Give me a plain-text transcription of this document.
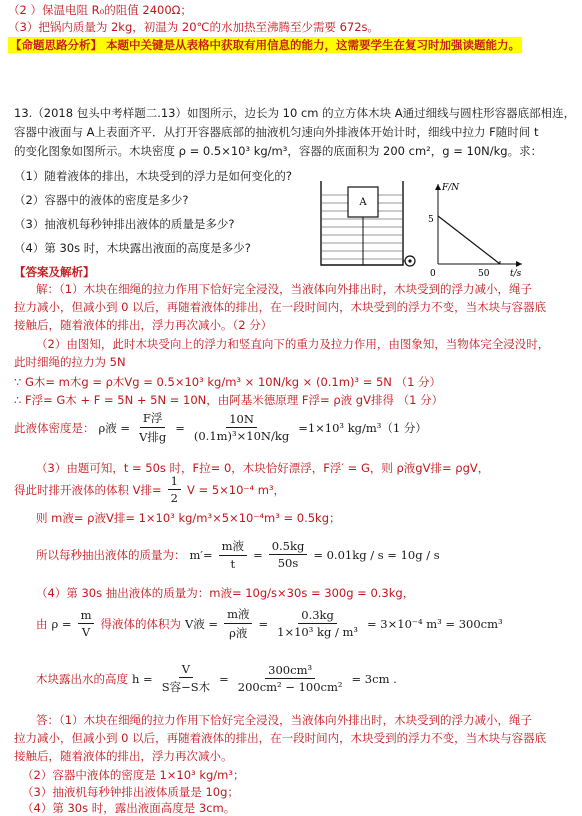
（2 ）保温电阻 R₀的阻值 2400Ω；
（3）把锅内质量为 2kg，初温为 20℃的水加热至沸腾至少需要 672s。
【命题思路分析】 本题中关键是从表格中获取有用信息的能力，这需要学生在复习时加强读题能力。
13.（2018 包头中考样题二.13）如图所示，边长为 10 cm 的立方体木块 A通过细线与圆柱形容器底部相连，
容器中液面与 A上表面齐平．从打开容器底部的抽液机匀速向外排液体开始计时，细线中拉力 F随时间 t
的变化图象如图所示。木块密度 ρ = 0.5×10³ kg/m³，容器的底面积为 200 cm²，g = 10N/kg。求：
（1）随着液体的排出，木块受到的浮力是如何变化的?
（2）容器中的液体的密度是多少?
（3）抽液机每秒钟排出液体的质量是多少?
（4）第 30s 时，木块露出液面的高度是多少?
A
F/N
t/s
5
50
0
【答案及解析】
解：（1）木块在细绳的拉力作用下恰好完全浸没，当液体向外排出时，木块受到的浮力减小，绳子
拉力减小，但减小到 0 以后，再随着液体的排出，在一段时间内，木块受到的浮力不变，当木块与容器底
接触后，随着液体的排出，浮力再次减小。（2 分）
（2）由图知，此时木块受向上的浮力和竖直向下的重力及拉力作用，由图象知，当物体完全浸没时，
此时细绳的拉力为 5N
∵ G木= m木g = ρ木Vg = 0.5×10³ kg/m³ × 10N/kg × (0.1m)³ = 5N （1 分）
∴ F浮= G木 + F = 5N + 5N = 10N，由阿基米德原理 F浮= ρ液 gV排得 （1 分）
此液体密度是： ρ液 = $\frac{\text{F浮}}{\text{V排g}} = \frac{10N}{\text{(0.1m)³×10N/kg}} =1\times 10^3$ kg/m³（1 分）
（3）由题可知，t = 50s 时，F拉= 0，木块恰好漂浮，F浮′ = G，则 ρ液gV排= ρgV，
得此时排开液体的体积 V排= $\frac{1}{2}$ V = 5×10⁻⁴ m³，
则 m液= ρ液V排= 1×10³ kg/m³×5×10⁻⁴m³ = 0.5kg；
所以每秒抽出液体的质量为： $m'= \frac{\text{m液}}{t} = \frac{0.5kg}{50s} = 0.01kg / s = 10g / s$
（4）第 30s 抽出液体的质量为：m液= 10g/s×30s = 300g = 0.3kg，
由 $\rho = \frac{m}{V}$ 得液体的体积为 V液 = $\frac{\text{m液}}{\text{ρ液}} = \frac{0.3kg}{\text{1×10³ kg / m³}} = 3\times 10^{-4}$ m³ = 300cm³
木块露出水的高度 $h = \frac{V}{\text{S容−S木}} = \frac{\text{300cm³}}{\text{200cm² − 100cm²}} = 3cm$ .
答：（1）木块在细绳的拉力作用下恰好完全浸没，当液体向外排出时，木块受到的浮力减小，绳子
拉力减小，但减小到 0 以后，再随着液体的排出，在一段时间内，木块受到的浮力不变，当木块与容器底
接触后，随着液体的排出，浮力再次减小。
（2）容器中液体的密度是 1×10³ kg/m³；
（3）抽液机每秒钟排出液体质量是 10g；
（4）第 30s 时，露出液面高度是 3cm。
